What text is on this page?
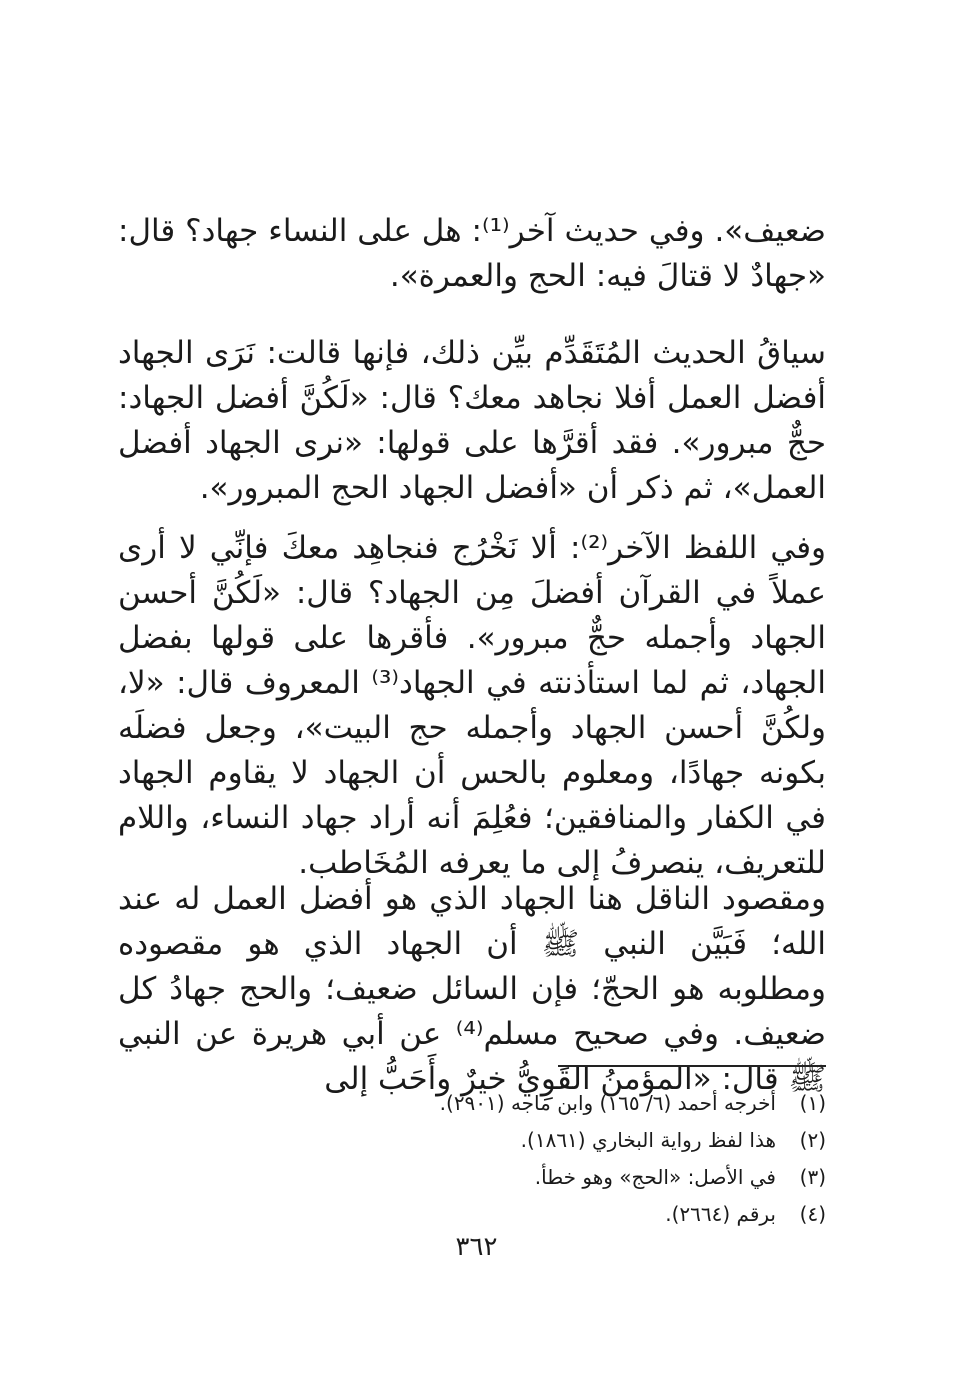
ضعيف». وفي حديث آخر⁽¹⁾: هل على النساء جهاد؟ قال: «جهادٌ لا قتالَ فيه: الحج والعمرة».

سياقُ الحديث المُتَقَدِّم بيِّن ذلك، فإنها قالت: نَرَى الجهاد أفضل العمل أفلا نجاهد معك؟ قال: «لَكُنَّ أفضل الجهاد: حجٌّ مبرور». فقد أقرَّها على قولها: «نرى الجهاد أفضل العمل»، ثم ذكر أن «أفضل الجهاد الحج المبرور».

وفي اللفظ الآخر⁽²⁾: ألا نَخْرُج فنجاهِد معكَ فإنِّي لا أرى عملاً في القرآن أفضلَ مِن الجهاد؟ قال: «لَكُنَّ أحسن الجهاد وأجمله حجٌّ مبرور». فأقرها على قولها بفضل الجهاد، ثم لما استأذنته في الجهاد⁽³⁾ المعروف قال: «لا، ولكُنَّ أحسن الجهاد وأجمله حج البيت»، وجعل فضلَه بكونه جهادًا، ومعلوم بالحس أن الجهاد لا يقاوم الجهاد في الكفار والمنافقين؛ فعُلِمَ أنه أراد جهاد النساء، واللام للتعريف، ينصرفُ إلى ما يعرفه المُخَاطب.

ومقصود الناقل هنا الجهاد الذي هو أفضل العمل له عند الله؛ فَبَيَّن النبي ﷺ أن الجهاد الذي هو مقصوده ومطلوبه هو الحجّ؛ فإن السائل ضعيف؛ والحج جهادُ كل ضعيف. وفي صحيح مسلم⁽⁴⁾ عن أبي هريرة عن النبي ﷺ قال: «المؤمنُ القَوِيُّ خيرٌ وأَحَبُّ إلى

(١)
أخرجه أحمد (٦/ ١٦٥) وابن ماجه (٢٩٠١).
(٢)
هذا لفظ رواية البخاري (١٨٦١).
(٣)
في الأصل: «الحج» وهو خطأ.
(٤)
برقم (٢٦٦٤).
٣٦٢
